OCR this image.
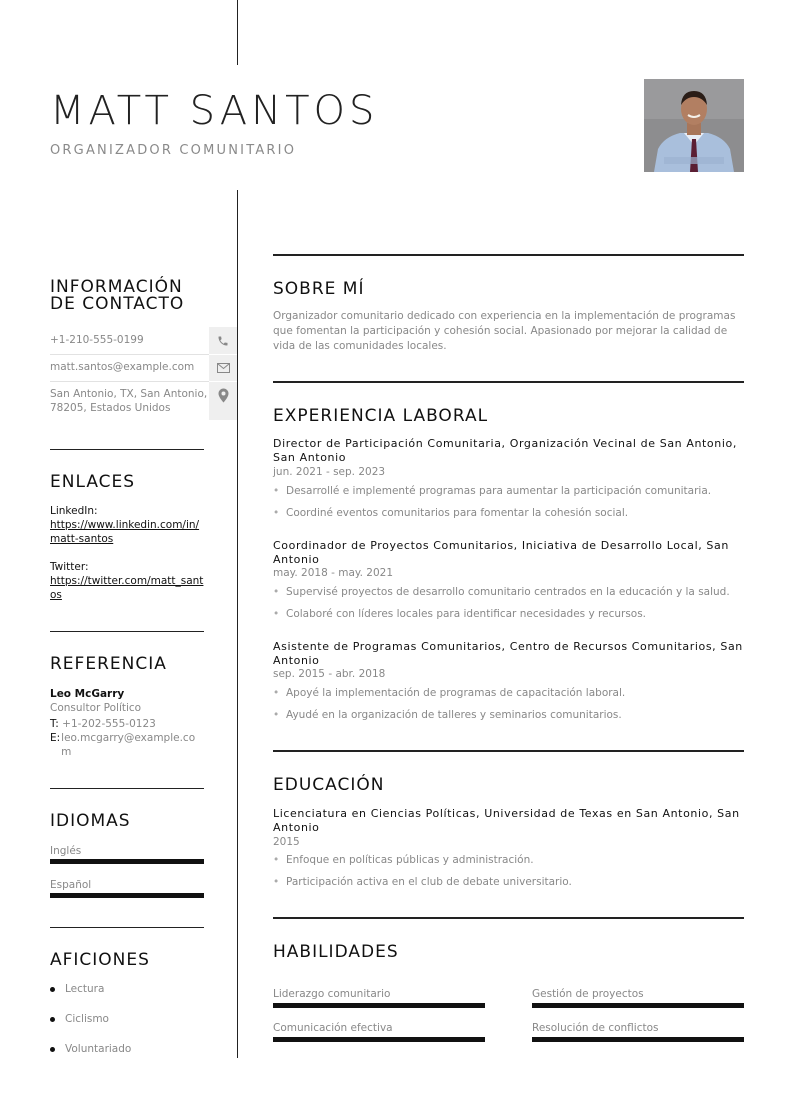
MATT SANTOS
ORGANIZADOR COMUNITARIO
INFORMACIÓN
DE CONTACTO
+1-210-555-0199
matt.santos@example.com
San Antonio, TX, San Antonio, 78205, Estados Unidos
ENLACES
LinkedIn:
https://www.linkedin.com/in/matt-santos
Twitter:
https://twitter.com/matt_santos
REFERENCIA
Leo McGarry
Consultor Político
T: +1-202-555-0123
E: leo.mcgarry@example.com
IDIOMAS
Inglés
Español
AFICIONES
Lectura
Ciclismo
Voluntariado
SOBRE MÍ
Organizador comunitario dedicado con experiencia en la implementación de programas que fomentan la participación y cohesión social. Apasionado por mejorar la calidad de vida de las comunidades locales.
EXPERIENCIA LABORAL
Director de Participación Comunitaria, Organización Vecinal de San Antonio, San Antonio
jun. 2021 - sep. 2023
• Desarrollé e implementé programas para aumentar la participación comunitaria.
• Coordiné eventos comunitarios para fomentar la cohesión social.
Coordinador de Proyectos Comunitarios, Iniciativa de Desarrollo Local, San Antonio
may. 2018 - may. 2021
• Supervisé proyectos de desarrollo comunitario centrados en la educación y la salud.
• Colaboré con líderes locales para identificar necesidades y recursos.
Asistente de Programas Comunitarios, Centro de Recursos Comunitarios, San Antonio
sep. 2015 - abr. 2018
• Apoyé la implementación de programas de capacitación laboral.
• Ayudé en la organización de talleres y seminarios comunitarios.
EDUCACIÓN
Licenciatura en Ciencias Políticas, Universidad de Texas en San Antonio, San Antonio
2015
• Enfoque en políticas públicas y administración.
• Participación activa en el club de debate universitario.
HABILIDADES
Liderazgo comunitario	Gestión de proyectos
Comunicación efectiva	Resolución de conflictos
